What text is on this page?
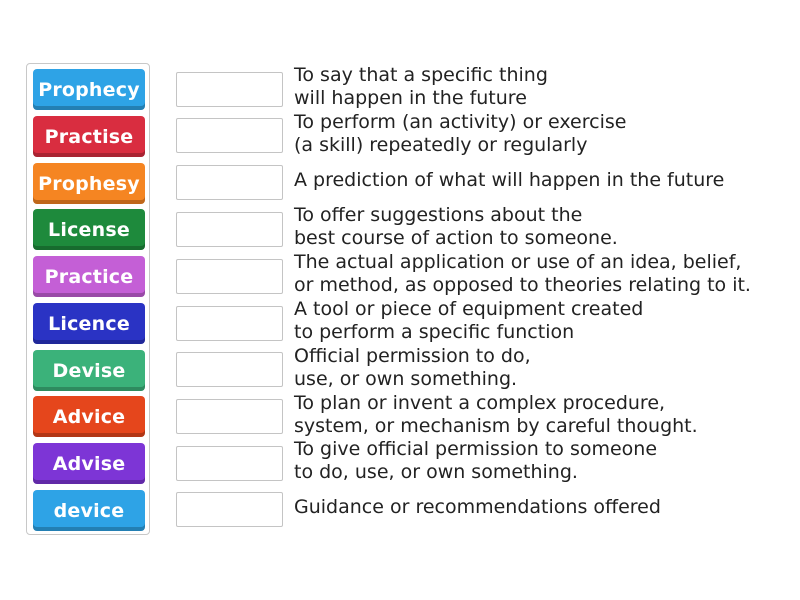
Prophecy
Practise
Prophesy
License
Practice
Licence
Devise
Advice
Advise
device
To say that a specific thing
will happen in the future
To perform (an activity) or exercise
(a skill) repeatedly or regularly
A prediction of what will happen in the future
To offer suggestions about the
best course of action to someone.
The actual application or use of an idea, belief,
or method, as opposed to theories relating to it.
A tool or piece of equipment created
to perform a specific function
Official permission to do,
use, or own something.
To plan or invent a complex procedure,
system, or mechanism by careful thought.
To give official permission to someone
to do, use, or own something.
Guidance or recommendations offered
